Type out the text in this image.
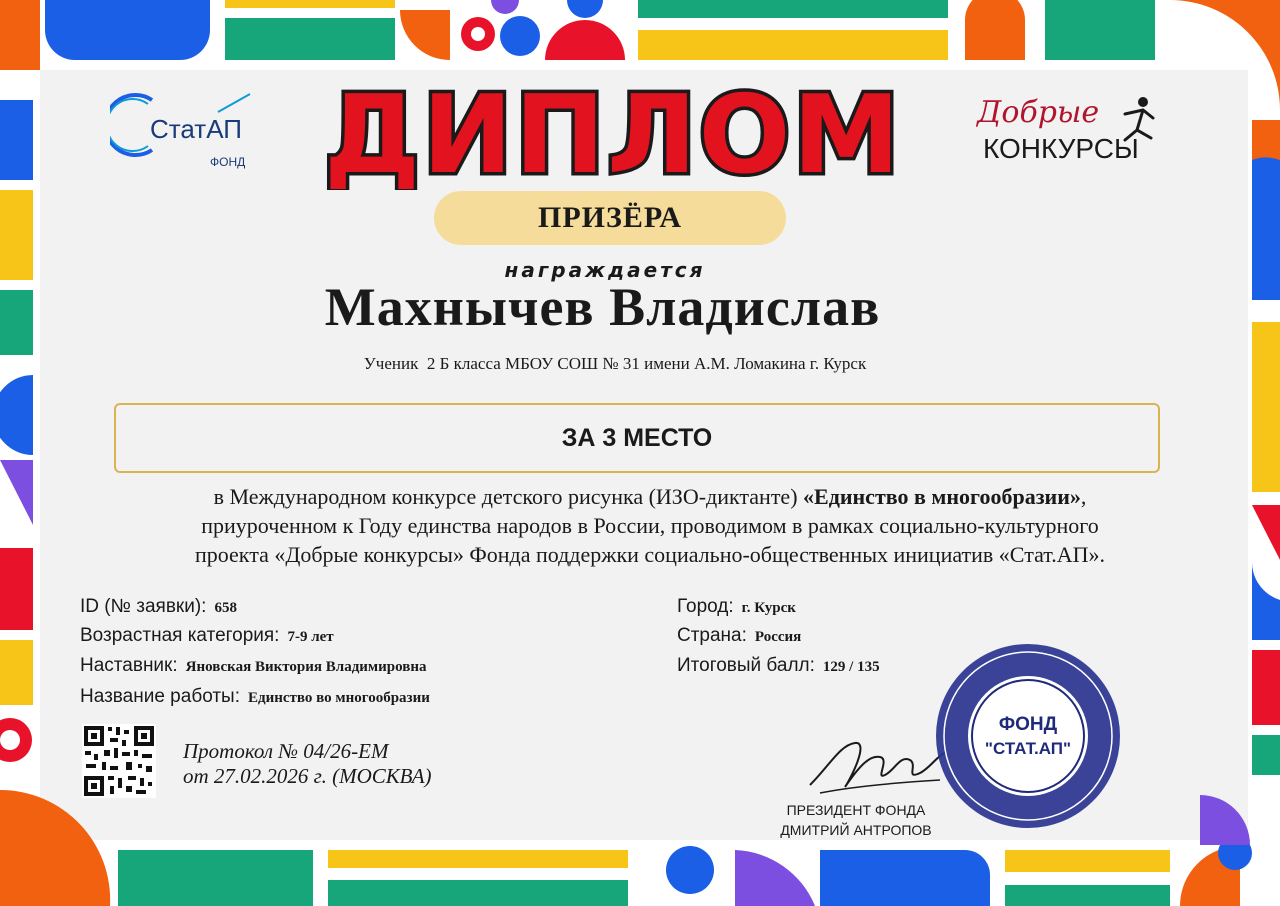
СтатАП
ФОНД
Добрые
КОНКУРСЫ
ДИПЛОМ
ПРИЗЁРА
награждается
Махнычев Владислав
Ученик  2 Б класса МБОУ СОШ № 31 имени А.М. Ломакина г. Курск
ЗА 3 МЕСТО
в Международном конкурсе детского рисунка (ИЗО-диктанте) «Единство в многообразии»,
приуроченном к Году единства народов в России, проводимом в рамках социально-культурного
проекта «Добрые конкурсы» Фонда поддержки социально-общественных инициатив «Стат.АП».
ID (№ заявки): 658
Возрастная категория: 7-9 лет
Наставник: Яновская Виктория Владимировна
Название работы: Единство во многообразии
Город: г. Курск
Страна: Россия
Итоговый балл: 129 / 135
Протокол № 04/26-ЕМ
от 27.02.2026 г. (МОСКВА)
ПРЕЗИДЕНТ ФОНДА
ДМИТРИЙ АНТРОПОВ
ФОНД
"СТАТ.АП"
